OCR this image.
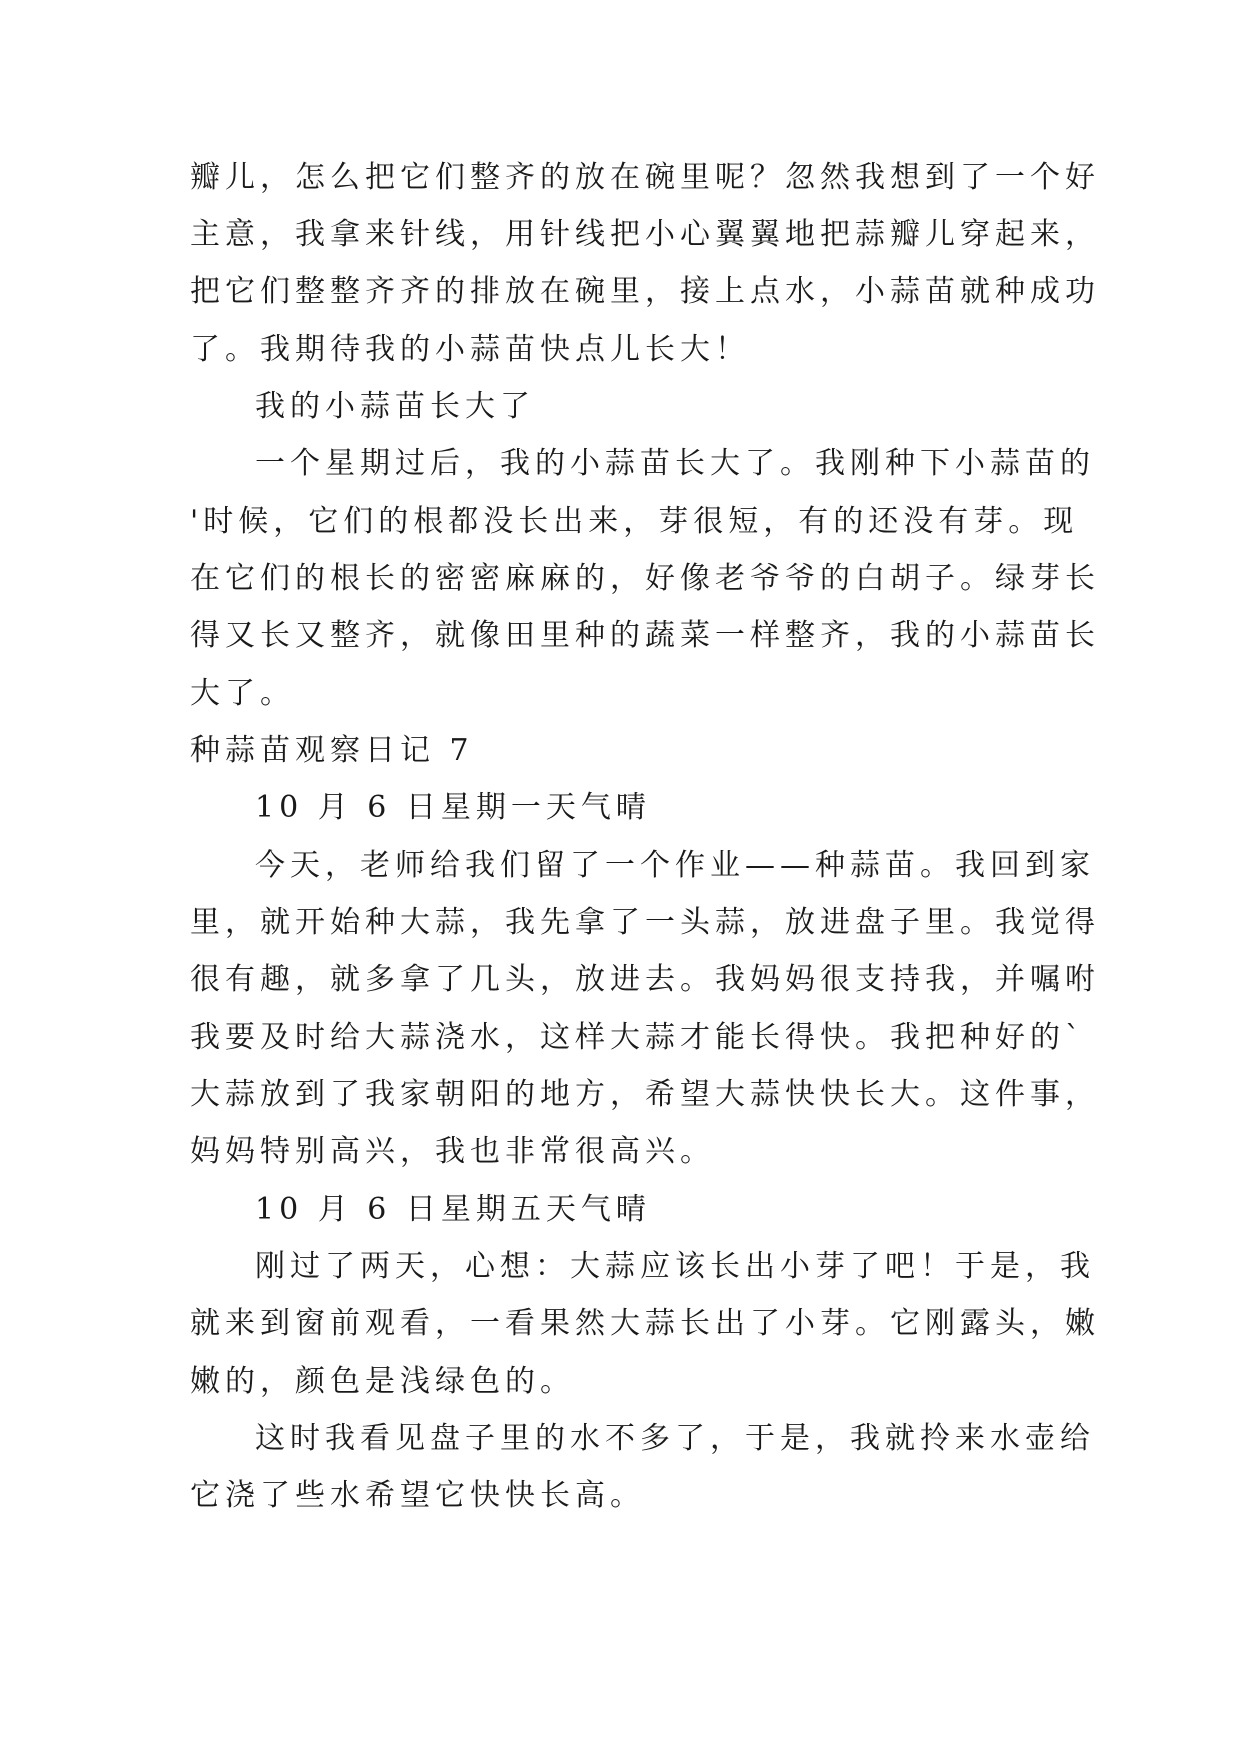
瓣儿，怎么把它们整齐的放在碗里呢？忽然我想到了一个好
主意，我拿来针线，用针线把小心翼翼地把蒜瓣儿穿起来，
把它们整整齐齐的排放在碗里，接上点水，小蒜苗就种成功
了。我期待我的小蒜苗快点儿长大！
我的小蒜苗长大了
一个星期过后，我的小蒜苗长大了。我刚种下小蒜苗的
'时候，它们的根都没长出来，芽很短，有的还没有芽。现
在它们的根长的密密麻麻的，好像老爷爷的白胡子。绿芽长
得又长又整齐，就像田里种的蔬菜一样整齐，我的小蒜苗长
大了。
种蒜苗观察日记 7
10 月 6 日星期一天气晴
今天，老师给我们留了一个作业——种蒜苗。我回到家
里，就开始种大蒜，我先拿了一头蒜，放进盘子里。我觉得
很有趣，就多拿了几头，放进去。我妈妈很支持我，并嘱咐
我要及时给大蒜浇水，这样大蒜才能长得快。我把种好的`
大蒜放到了我家朝阳的地方，希望大蒜快快长大。这件事，
妈妈特别高兴，我也非常很高兴。
10 月 6 日星期五天气晴
刚过了两天，心想：大蒜应该长出小芽了吧！于是，我
就来到窗前观看，一看果然大蒜长出了小芽。它刚露头，嫩
嫩的，颜色是浅绿色的。
这时我看见盘子里的水不多了，于是，我就拎来水壶给
它浇了些水希望它快快长高。
